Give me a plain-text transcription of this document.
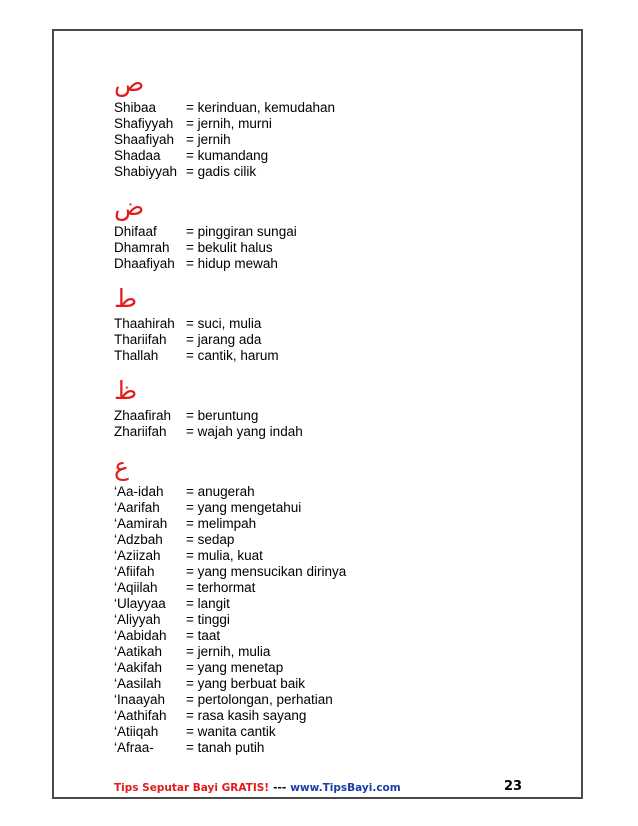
ص
Shibaa	= kerinduan, kemudahan
Shafiyyah = jernih, murni
Shaafiyah = jernih
Shadaa	= kumandang
Shabiyyah = gadis cilik
ض
Dhifaaf	= pinggiran sungai
Dhamrah	= bekulit halus
Dhaafiyah = hidup mewah
ط
Thaahirah = suci, mulia
Thariifah	= jarang ada
Thallah	= cantik, harum
ظ
Zhaafirah	= beruntung
Zhariifah	= wajah yang indah
ع
‘Aa-idah	= anugerah
‘Aarifah	= yang mengetahui
‘Aamirah	= melimpah
‘Adzbah	= sedap
‘Aziizah	= mulia, kuat
‘Afiifah	= yang mensucikan dirinya
‘Aqiilah	= terhormat
‘Ulayyaa	= langit
‘Aliyyah	= tinggi
‘Aabidah	= taat
‘Aatikah	= jernih, mulia
‘Aakifah	= yang menetap
‘Aasilah	= yang berbuat baik
‘Inaayah	= pertolongan, perhatian
‘Aathifah	= rasa kasih sayang
‘Atiiqah	= wanita cantik
‘Afraa-	= tanah putih
Tips Seputar Bayi GRATIS! --- www.TipsBayi.com	23
